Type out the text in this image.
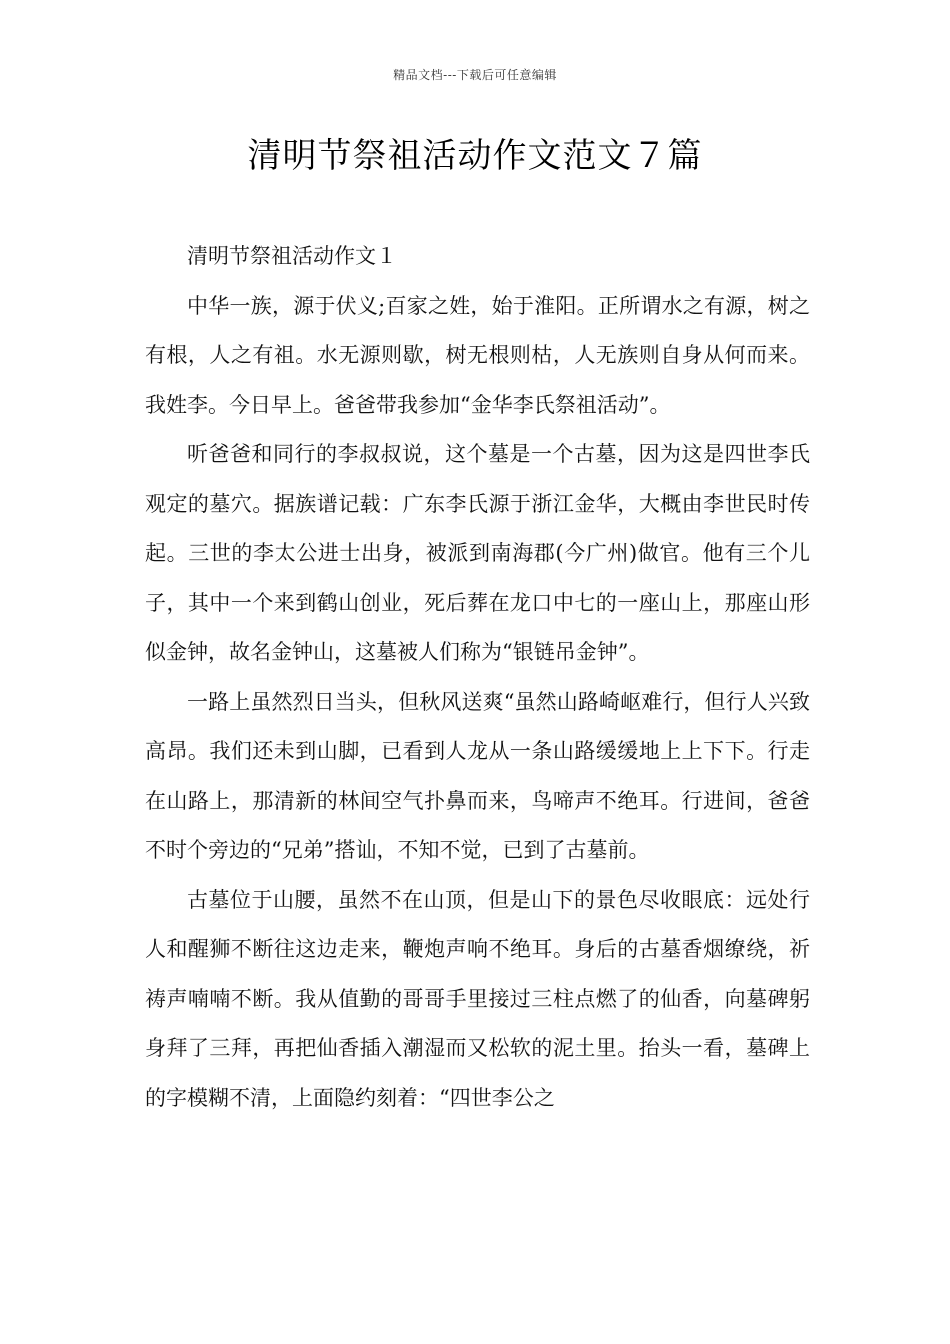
精品文档---下载后可任意编辑
清明节祭祖活动作文范文７篇

清明节祭祖活动作文１

中华一族，源于伏义;百家之姓，始于淮阳。正所谓水之有源，树之有根，人之有祖。水无源则歇，树无根则枯，人无族则自身从何而来。我姓李。今日早上。爸爸带我参加“金华李氏祭祖活动”。

听爸爸和同行的李叔叔说，这个墓是一个古墓，因为这是四世李氏观定的墓穴。据族谱记载：广东李氏源于浙江金华，大概由李世民时传起。三世的李太公进士出身，被派到南海郡(今广州)做官。他有三个儿子，其中一个来到鹤山创业，死后葬在龙口中七的一座山上，那座山形似金钟，故名金钟山，这墓被人们称为“银链吊金钟”。

一路上虽然烈日当头，但秋风送爽“虽然山路崎岖难行，但行人兴致高昂。我们还未到山脚，已看到人龙从一条山路缓缓地上上下下。行走在山路上，那清新的林间空气扑鼻而来，鸟啼声不绝耳。行进间，爸爸不时个旁边的“兄弟”搭讪，不知不觉，已到了古墓前。

古墓位于山腰，虽然不在山顶，但是山下的景色尽收眼底：远处行人和醒狮不断往这边走来，鞭炮声响不绝耳。身后的古墓香烟缭绕，祈祷声喃喃不断。我从值勤的哥哥手里接过三柱点燃了的仙香，向墓碑躬身拜了三拜，再把仙香插入潮湿而又松软的泥土里。抬头一看，墓碑上的字模糊不清，上面隐约刻着：“四世李公之
